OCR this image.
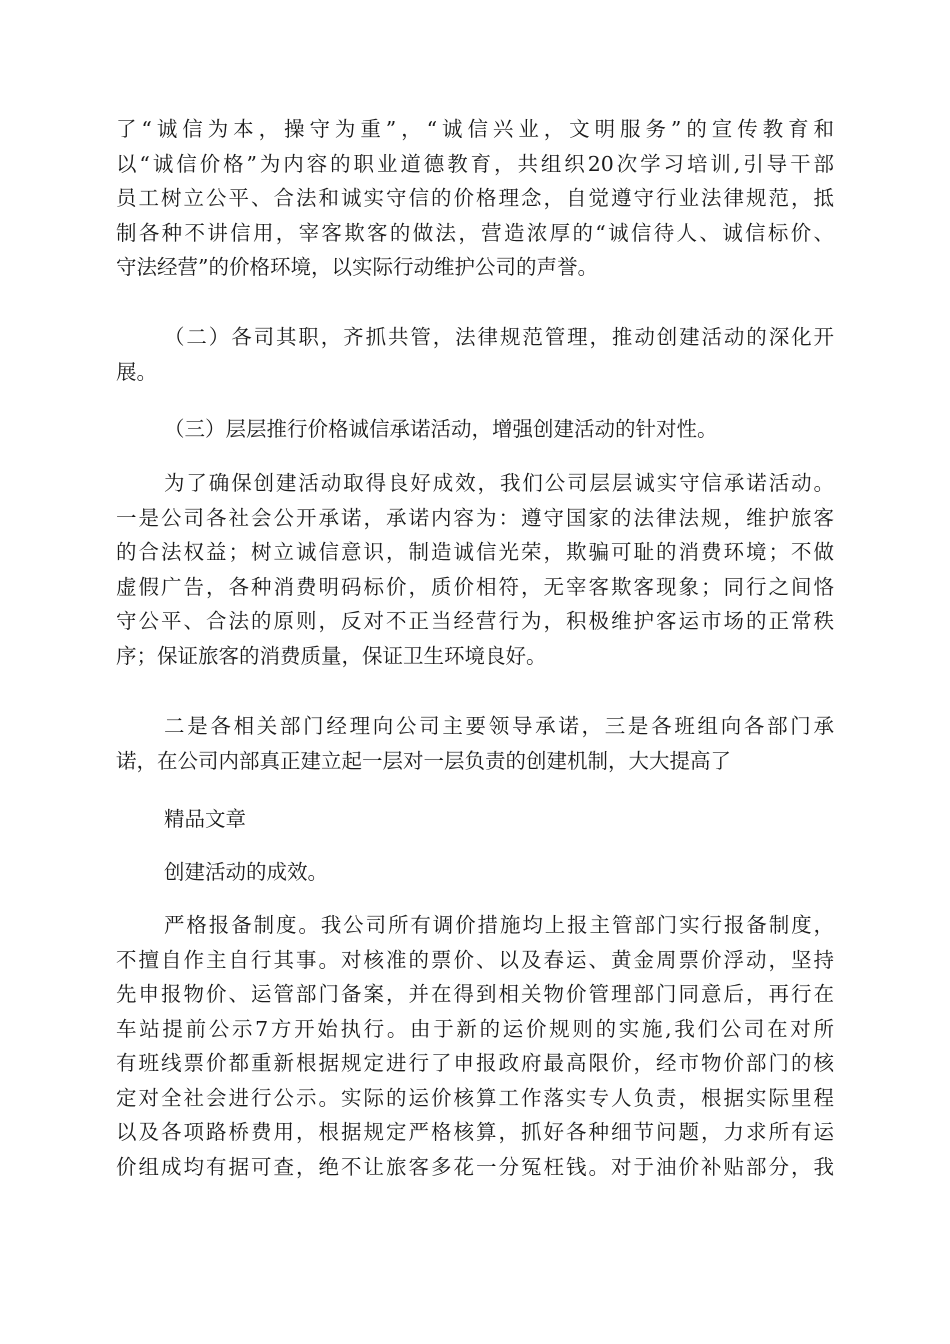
了“诚信为本，操守为重”，“诚信兴业，文明服务”的宣传教育和
以“诚信价格”为内容的职业道德教育，共组织20次学习培训,引导干部
员工树立公平、合法和诚实守信的价格理念，自觉遵守行业法律规范，抵
制各种不讲信用，宰客欺客的做法，营造浓厚的“诚信待人、诚信标价、
守法经营”的价格环境，以实际行动维护公司的声誉。
（二）各司其职，齐抓共管，法律规范管理，推动创建活动的深化开
展。
（三）层层推行价格诚信承诺活动，增强创建活动的针对性。
为了确保创建活动取得良好成效，我们公司层层诚实守信承诺活动。
一是公司各社会公开承诺，承诺内容为：遵守国家的法律法规，维护旅客
的合法权益；树立诚信意识，制造诚信光荣，欺骗可耻的消费环境；不做
虚假广告，各种消费明码标价，质价相符，无宰客欺客现象；同行之间恪
守公平、合法的原则，反对不正当经营行为，积极维护客运市场的正常秩
序；保证旅客的消费质量，保证卫生环境良好。
二是各相关部门经理向公司主要领导承诺，三是各班组向各部门承
诺，在公司内部真正建立起一层对一层负责的创建机制，大大提高了
精品文章
创建活动的成效。
严格报备制度。我公司所有调价措施均上报主管部门实行报备制度，
不擅自作主自行其事。对核准的票价、以及春运、黄金周票价浮动，坚持
先申报物价、运管部门备案，并在得到相关物价管理部门同意后，再行在
车站提前公示7方开始执行。由于新的运价规则的实施,我们公司在对所
有班线票价都重新根据规定进行了申报政府最高限价，经市物价部门的核
定对全社会进行公示。实际的运价核算工作落实专人负责，根据实际里程
以及各项路桥费用，根据规定严格核算，抓好各种细节问题，力求所有运
价组成均有据可查，绝不让旅客多花一分冤枉钱。对于油价补贴部分，我
